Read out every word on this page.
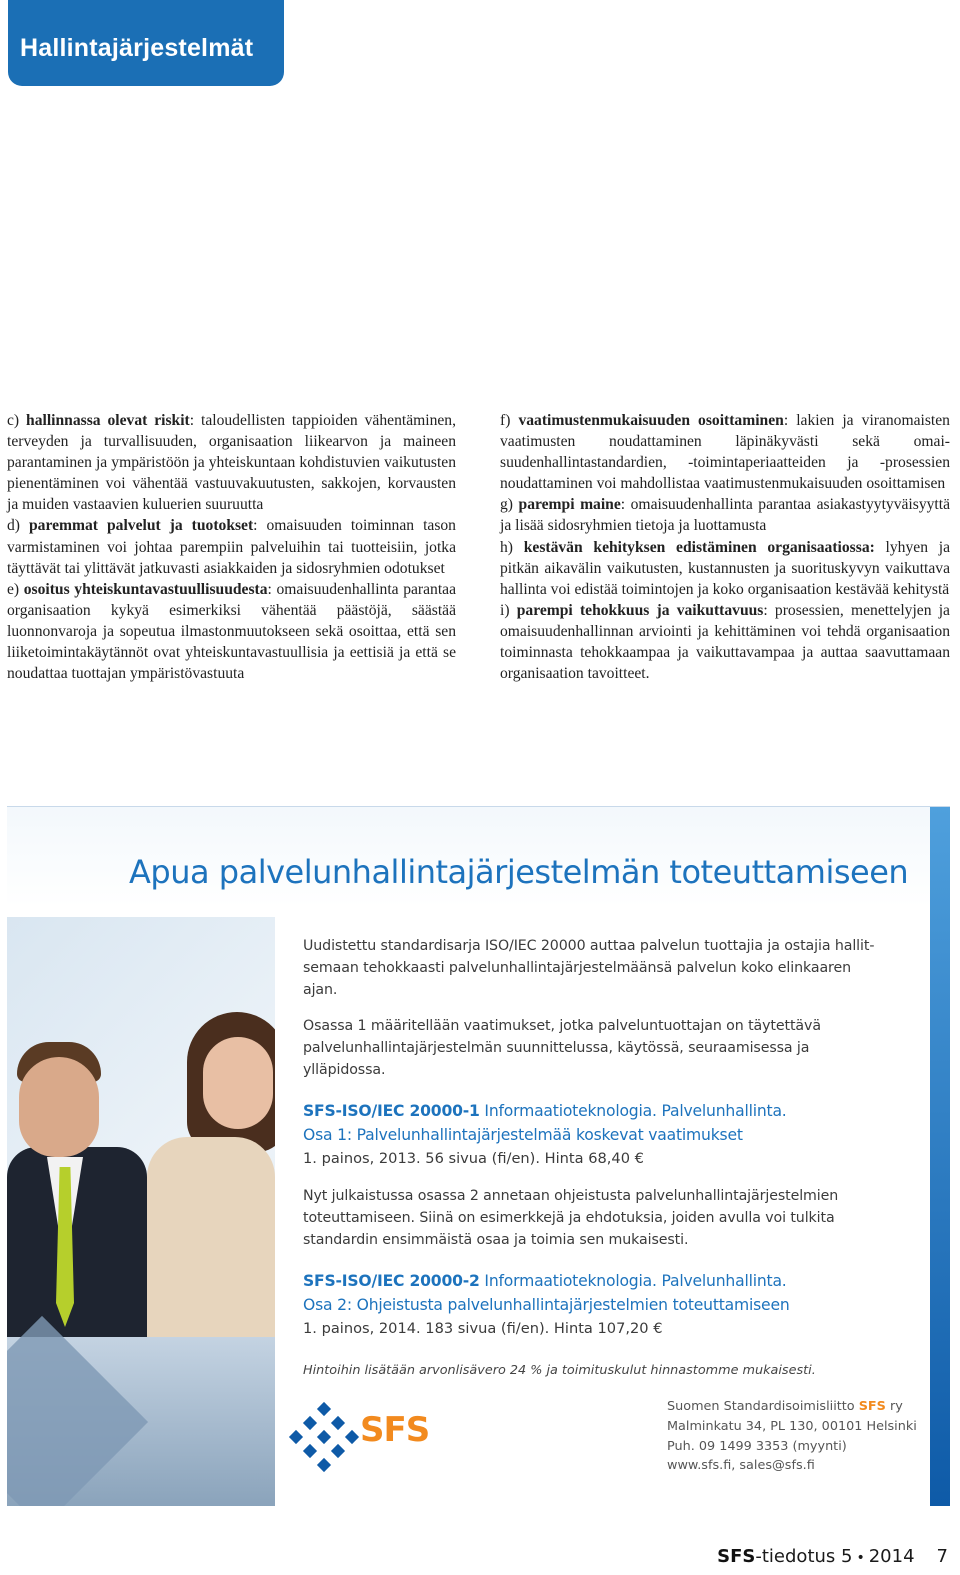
Hallintajärjestelmät

c) hallinnassa olevat riskit: taloudellisten tappioiden vähentäminen, terveyden ja turvallisuuden, organisaation liikearvon ja maineen parantaminen ja ympäristöön ja yhteiskuntaan kohdistuvien vaikutusten pienentäminen voi vähentää vastuuvakuutusten, sakkojen, korvausten ja muiden vastaavien kuluerien suuruutta

d) paremmat palvelut ja tuotokset: omaisuuden toiminnan tason varmistaminen voi johtaa parempiin palveluihin tai tuotteisiin, jotka täyttävät tai ylittävät jatkuvasti asiakkaiden ja sidosryhmien odotukset

e) osoitus yhteiskuntavastuullisuudesta: omaisuudenhallinta parantaa organisaation kykyä esimerkiksi vähentää päästöjä, säästää luonnonvaroja ja sopeutua ilmastonmuutokseen sekä osoittaa, että sen liiketoimintakäytännöt ovat yhteiskuntavastuullisia ja eettisiä ja että se noudattaa tuottajan ympäristövastuuta

f) vaatimustenmukaisuuden osoittaminen: lakien ja viranomaisten vaatimusten noudattaminen läpinäkyvästi sekä omaisuudenhallintastandardien, -toimintaperiaatteiden ja -prosessien noudattaminen voi mahdollistaa vaatimustenmukaisuuden osoittamisen

g) parempi maine: omaisuudenhallinta parantaa asiakastyytyväisyyttä ja lisää sidosryhmien tietoja ja luottamusta

h) kestävän kehityksen edistäminen organisaatiossa: lyhyen ja pitkän aikavälin vaikutusten, kustannusten ja suorituskyvyn vaikuttava hallinta voi edistää toimintojen ja koko organisaation kestävää kehitystä

i) parempi tehokkuus ja vaikuttavuus: prosessien, menettelyjen ja omaisuudenhallinnan arviointi ja kehittäminen voi tehdä organisaation toiminnasta tehokkaampaa ja vaikuttavampaa ja auttaa saavuttamaan organisaation tavoitteet.

Apua palvelunhallintajärjestelmän toteuttamiseen

Uudistettu standardisarja ISO/IEC 20000 auttaa palvelun tuottajia ja ostajia hallitsemaan tehokkaasti palvelunhallintajärjestelmäänsä palvelun koko elinkaaren ajan.

Osassa 1 määritellään vaatimukset, jotka palveluntuottajan on täytettävä palvelunhallintajärjestelmän suunnittelussa, käytössä, seuraamisessa ja ylläpidossa.

SFS-ISO/IEC 20000-1 Informaatioteknologia. Palvelunhallinta.

Osa 1: Palvelunhallintajärjestelmää koskevat vaatimukset

1. painos, 2013. 56 sivua (fi/en). Hinta 68,40 €

Nyt julkaistussa osassa 2 annetaan ohjeistusta palvelunhallintajärjestelmien toteuttamiseen. Siinä on esimerkkejä ja ehdotuksia, joiden avulla voi tulkita standardin ensimmäistä osaa ja toimia sen mukaisesti.

SFS-ISO/IEC 20000-2 Informaatioteknologia. Palvelunhallinta.

Osa 2: Ohjeistusta palvelunhallintajärjestelmien toteuttamiseen

1. painos, 2014. 183 sivua (fi/en). Hinta 107,20 €

Hintoihin lisätään arvonlisävero 24 % ja toimituskulut hinnastomme mukaisesti.

SFS
Suomen Standardisoimisliitto SFS ry
Malminkatu 34, PL 130, 00101 Helsinki
Puh. 09 1499 3353 (myynti)
www.sfs.fi, sales@sfs.fi
SFS-tiedotus 5 • 2014 7
